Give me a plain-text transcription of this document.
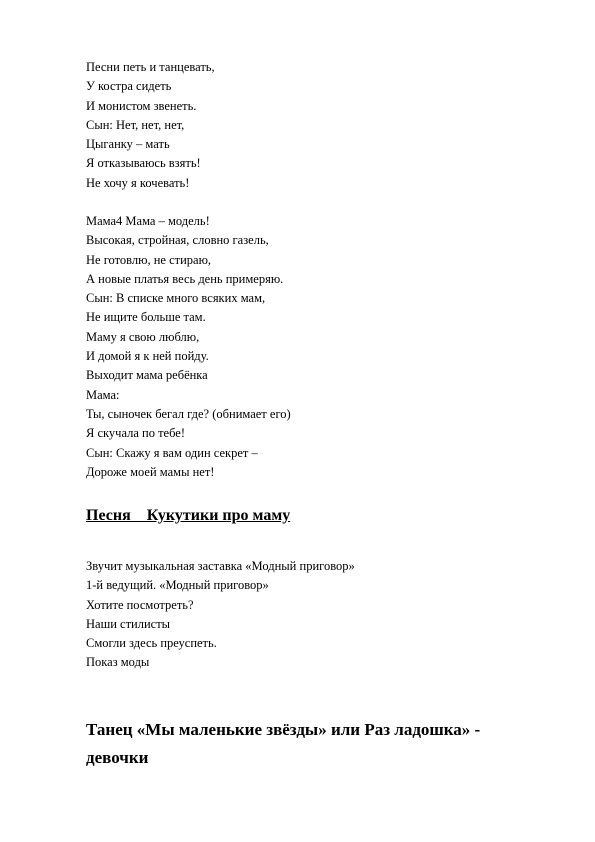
Песни петь и танцевать,
У костра сидеть
И монистом звенеть.
Сын: Нет, нет, нет,
Цыганку – мать
Я отказываюсь взять!
Не хочу я кочевать!
Мама4 Мама – модель!
Высокая, стройная, словно газель,
Не готовлю, не стираю,
А новые платья весь день примеряю.
Сын: В списке много всяких мам,
Не ищите больше там.
Маму я свою люблю,
И домой я к ней пойду.
Выходит мама ребёнка
Мама:
Ты, сыночек бегал где? (обнимает его)
Я скучала по тебе!
Сын: Скажу я вам один секрет –
Дороже моей мамы нет!
Песня    Кукутики про маму
Звучит музыкальная заставка «Модный приговор»
1-й ведущий. «Модный приговор»
Хотите посмотреть?
Наши стилисты
Смогли здесь преуспеть.
Показ моды
Танец «Мы маленькие звёзды» или Раз ладошка» - девочки
